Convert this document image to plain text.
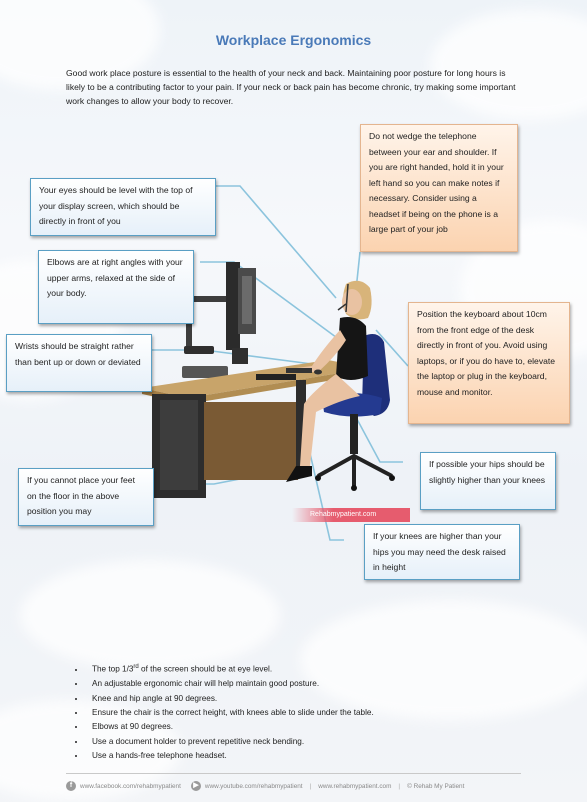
Workplace Ergonomics
Good work place posture is essential to the health of your neck and back. Maintaining poor posture for long hours is likely to be a contributing factor to your pain. If your neck or back pain has become chronic, try making some important work changes to allow your body to recover.
Rehabmypatient.com
Your eyes should be level with the top of your display screen, which should be directly in front of you
Elbows are at right angles with your upper arms, relaxed at the side of your body.
Wrists should be straight rather than bent up or down or deviated
If you cannot place your feet on the floor in the above position you may
If possible your hips should be slightly higher than your knees
If your knees are higher than your hips you may need the desk raised in height
Do not wedge the telephone between your ear and shoulder. If you are right handed, hold it in your left hand so you can make notes if necessary. Consider using a headset if being on the phone is a large part of your job
Position the keyboard about 10cm from the front edge of the desk directly in front of you. Avoid using laptops, or if you do have to, elevate the laptop or plug in the keyboard, mouse and monitor.
• The top 1/3rd of the screen should be at eye level.
• An adjustable ergonomic chair will help maintain good posture.
• Knee and hip angle at 90 degrees.
• Ensure the chair is the correct height, with knees able to slide under the table.
• Elbows at 90 degrees.
• Use a document holder to prevent repetitive neck bending.
• Use a hands-free telephone headset.
f	www.facebook.com/rehabmypatient	▶ www.youtube.com/rehabmypatient	|	www.rehabmypatient.com	|	© Rehab My Patient
